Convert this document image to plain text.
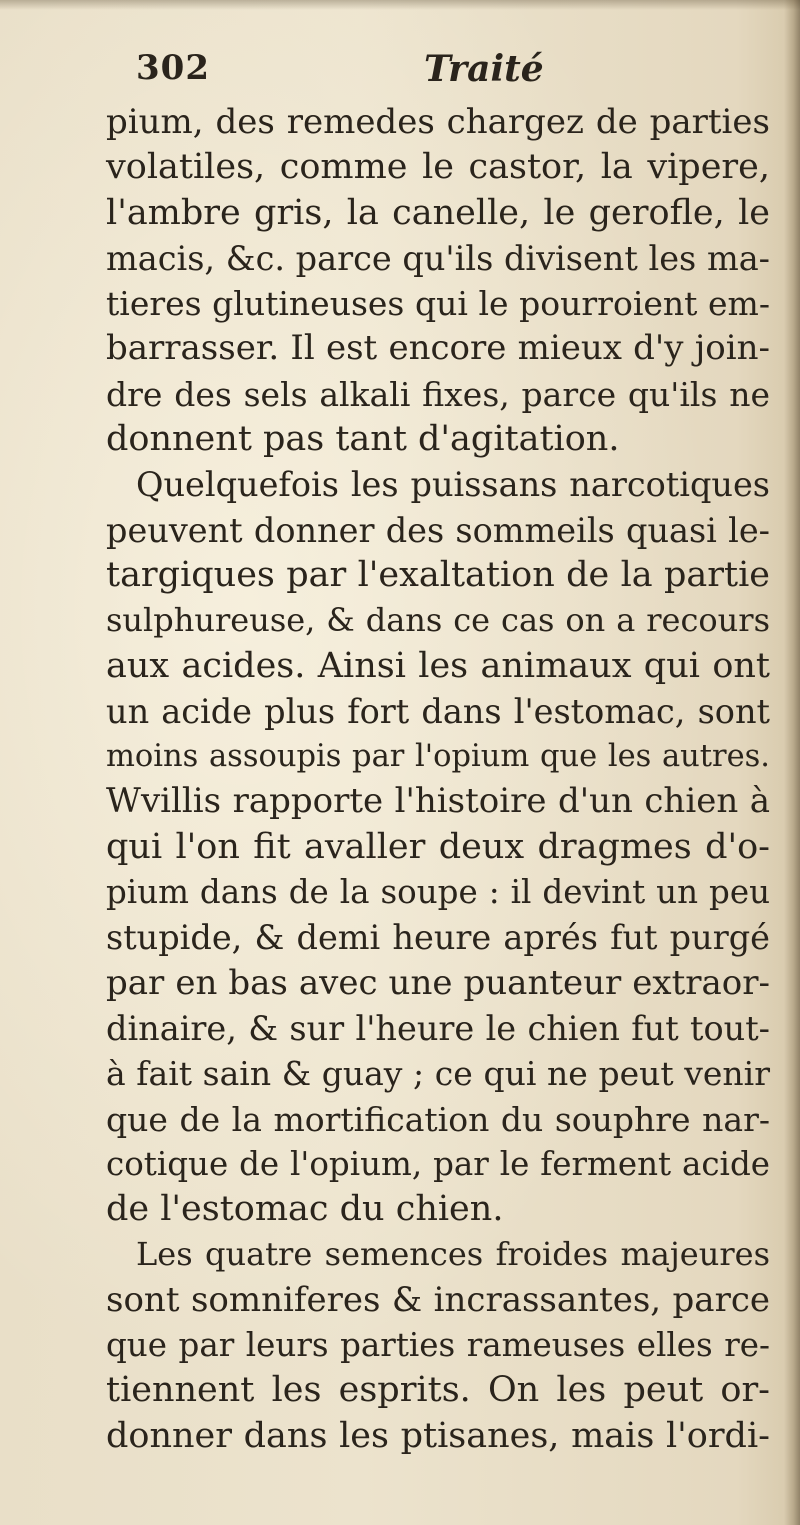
302	Traité
pium, des remedes chargez de parties
volatiles, comme le castor, la vipere,
l'ambre gris, la canelle, le gerofle, le
macis, &c. parce qu'ils divisent les ma-
tieres glutineuses qui le pourroient em-
barrasser. Il est encore mieux d'y join-
dre des sels alkali fixes, parce qu'ils ne
donnent pas tant d'agitation.
Quelquefois les puissans narcotiques
peuvent donner des sommeils quasi le-
targiques par l'exaltation de la partie
sulphureuse, & dans ce cas on a recours
aux acides. Ainsi les animaux qui ont
un acide plus fort dans l'estomac, sont
moins assoupis par l'opium que les autres.
Wvillis rapporte l'histoire d'un chien à
qui l'on fit avaller deux dragmes d'o-
pium dans de la soupe : il devint un peu
stupide, & demi heure aprés fut purgé
par en bas avec une puanteur extraor-
dinaire, & sur l'heure le chien fut tout-
à fait sain & guay ; ce qui ne peut venir
que de la mortification du souphre nar-
cotique de l'opium, par le ferment acide
de l'estomac du chien.
Les quatre semences froides majeures
sont somniferes & incrassantes, parce
que par leurs parties rameuses elles re-
tiennent les esprits. On les peut or-
donner dans les ptisanes, mais l'ordi-
